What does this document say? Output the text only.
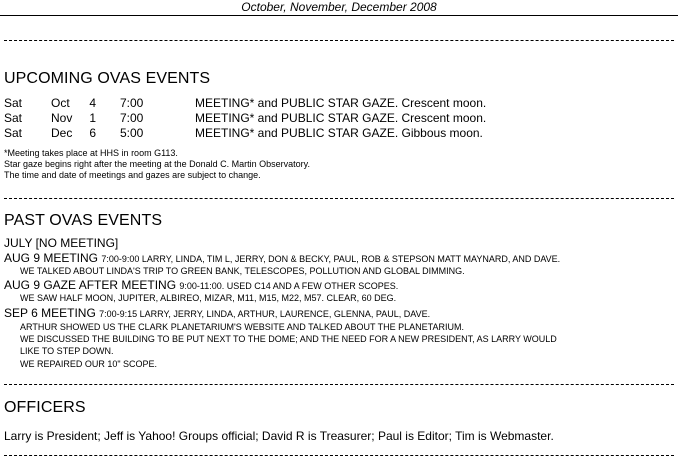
October, November, December 2008
UPCOMING OVAS EVENTS
Sat Oct	4 7:00	MEETING* and PUBLIC STAR GAZE. Crescent moon.
Sat Nov	1 7:00	MEETING* and PUBLIC STAR GAZE. Crescent moon.
Sat Dec	6 5:00	MEETING* and PUBLIC STAR GAZE. Gibbous moon.
*Meeting takes place at HHS in room G113.
Star gaze begins right after the meeting at the Donald C. Martin Observatory.
The time and date of meetings and gazes are subject to change.
PAST OVAS EVENTS
JULY [NO MEETING]
AUG 9 MEETING 7:00-9:00 LARRY, LINDA, TIM L, JERRY, DON & BECKY, PAUL, ROB & STEPSON MATT MAYNARD, AND DAVE.
WE TALKED ABOUT LINDA'S TRIP TO GREEN BANK, TELESCOPES, POLLUTION AND GLOBAL DIMMING.
AUG 9 GAZE AFTER MEETING 9:00-11:00. USED C14 AND A FEW OTHER SCOPES.
WE SAW HALF MOON, JUPITER, ALBIREO, MIZAR, M11, M15, M22, M57. CLEAR, 60 DEG.
SEP 6 MEETING 7:00-9:15 LARRY, JERRY, LINDA, ARTHUR, LAURENCE, GLENNA, PAUL, DAVE.
ARTHUR SHOWED US THE CLARK PLANETARIUM'S WEBSITE AND TALKED ABOUT THE PLANETARIUM.
WE DISCUSSED THE BUILDING TO BE PUT NEXT TO THE DOME; AND THE NEED FOR A NEW PRESIDENT, AS LARRY WOULD
LIKE TO STEP DOWN.
WE REPAIRED OUR 10" SCOPE.
OFFICERS
Larry is President; Jeff is Yahoo! Groups official; David R is Treasurer; Paul is Editor; Tim is Webmaster.
